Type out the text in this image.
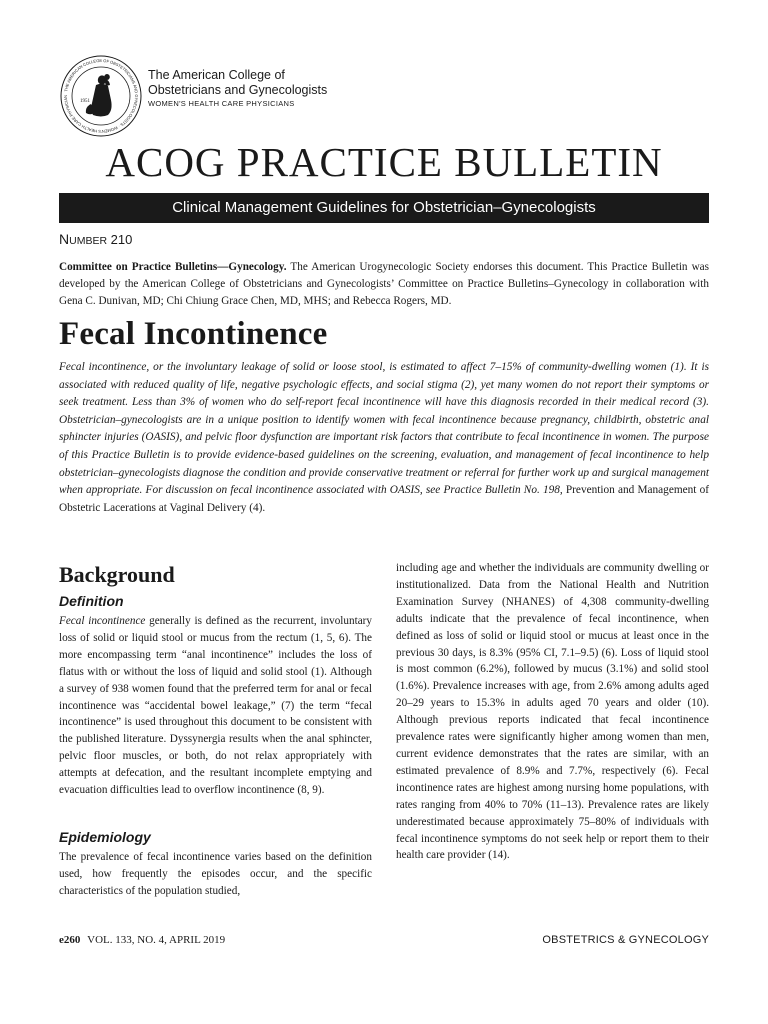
THE AMERICAN COLLEGE OF OBSTETRICIANS AND GYNECOLOGISTS · WOMEN'S HEALTH CARE PHYSICIAN
1951
The American College of
Obstetricians and Gynecologists
WOMEN'S HEALTH CARE PHYSICIANS
ACOG PRACTICE BULLETIN
Clinical Management Guidelines for Obstetrician–Gynecologists
NUMBER 210
Committee on Practice Bulletins—Gynecology. The American Urogynecologic Society endorses this document. This Practice Bulletin was developed by the American College of Obstetricians and Gynecologists’ Committee on Practice Bulletins–Gynecology in collaboration with Gena C. Dunivan, MD; Chi Chiung Grace Chen, MD, MHS; and Rebecca Rogers, MD.
Fecal Incontinence
Fecal incontinence, or the involuntary leakage of solid or loose stool, is estimated to affect 7–15% of community-dwelling women (1). It is associated with reduced quality of life, negative psychologic effects, and social stigma (2), yet many women do not report their symptoms or seek treatment. Less than 3% of women who do self-report fecal incontinence will have this diagnosis recorded in their medical record (3). Obstetrician–gynecologists are in a unique position to identify women with fecal incontinence because pregnancy, childbirth, obstetric anal sphincter injuries (OASIS), and pelvic floor dysfunction are important risk factors that contribute to fecal incontinence in women. The purpose of this Practice Bulletin is to provide evidence-based guidelines on the screening, evaluation, and management of fecal incontinence to help obstetrician–gynecologists diagnose the condition and provide conservative treatment or referral for further work up and surgical management when appropriate. For discussion on fecal incontinence associated with OASIS, see Practice Bulletin No. 198, Prevention and Management of Obstetric Lacerations at Vaginal Delivery (4).
Background
Definition
Fecal incontinence generally is defined as the recurrent, involuntary loss of solid or liquid stool or mucus from the rectum (1, 5, 6). The more encompassing term “anal incontinence” includes the loss of flatus with or without the loss of liquid and solid stool (1). Although a survey of 938 women found that the preferred term for anal or fecal incontinence was “accidental bowel leakage,” (7) the term “fecal incontinence” is used throughout this document to be consistent with the published literature. Dyssynergia results when the anal sphincter, pelvic floor muscles, or both, do not relax appropriately with attempts at defecation, and the resultant incomplete emptying and evacuation difficulties lead to overflow incontinence (8, 9).
Epidemiology
The prevalence of fecal incontinence varies based on the definition used, how frequently the episodes occur, and the specific characteristics of the population studied,
including age and whether the individuals are community dwelling or institutionalized. Data from the National Health and Nutrition Examination Survey (NHANES) of 4,308 community-dwelling adults indicate that the prevalence of fecal incontinence, when defined as loss of solid or liquid stool or mucus at least once in the previous 30 days, is 8.3% (95% CI, 7.1–9.5) (6). Loss of liquid stool is most common (6.2%), followed by mucus (3.1%) and solid stool (1.6%). Prevalence increases with age, from 2.6% among adults aged 20–29 years to 15.3% in adults aged 70 years and older (10). Although previous reports indicated that fecal incontinence prevalence rates were significantly higher among women than men, current evidence demonstrates that the rates are similar, with an estimated prevalence of 8.9% and 7.7%, respectively (6). Fecal incontinence rates are highest among nursing home populations, with rates ranging from 40% to 70% (11–13). Prevalence rates are likely underestimated because approximately 75–80% of individuals with fecal incontinence symptoms do not seek help or report them to their health care provider (14).
e260 VOL. 133, NO. 4, APRIL 2019	OBSTETRICS & GYNECOLOGY
